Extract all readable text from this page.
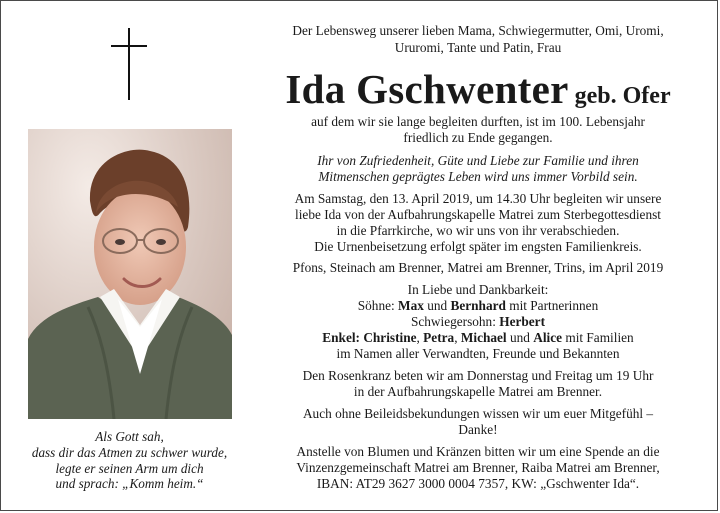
Als Gott sah,
dass dir das Atmen zu schwer wurde,
legte er seinen Arm um dich
und sprach: „Komm heim.“
Der Lebensweg unserer lieben Mama, Schwiegermutter, Omi, Uromi,
Ururomi, Tante und Patin, Frau
Ida Gschwenter geb. Ofer
auf dem wir sie lange begleiten durften, ist im 100. Lebensjahr
friedlich zu Ende gegangen.
Ihr von Zufriedenheit, Güte und Liebe zur Familie und ihren
Mitmenschen geprägtes Leben wird uns immer Vorbild sein.
Am Samstag, den 13. April 2019, um 14.30 Uhr begleiten wir unsere
liebe Ida von der Aufbahrungskapelle Matrei zum Sterbegottesdienst
in die Pfarrkirche, wo wir uns von ihr verabschieden.
Die Urnenbeisetzung erfolgt später im engsten Familienkreis.
Pfons, Steinach am Brenner, Matrei am Brenner, Trins, im April 2019
In Liebe und Dankbarkeit:
Söhne: Max und Bernhard mit Partnerinnen
Schwiegersohn: Herbert
Enkel: Christine, Petra, Michael und Alice mit Familien
im Namen aller Verwandten, Freunde und Bekannten
Den Rosenkranz beten wir am Donnerstag und Freitag um 19 Uhr
in der Aufbahrungskapelle Matrei am Brenner.
Auch ohne Beileidsbekundungen wissen wir um euer Mitgefühl –
Danke!
Anstelle von Blumen und Kränzen bitten wir um eine Spende an die
Vinzenzgemeinschaft Matrei am Brenner, Raiba Matrei am Brenner,
IBAN: AT29 3627 3000 0004 7357, KW: „Gschwenter Ida“.
